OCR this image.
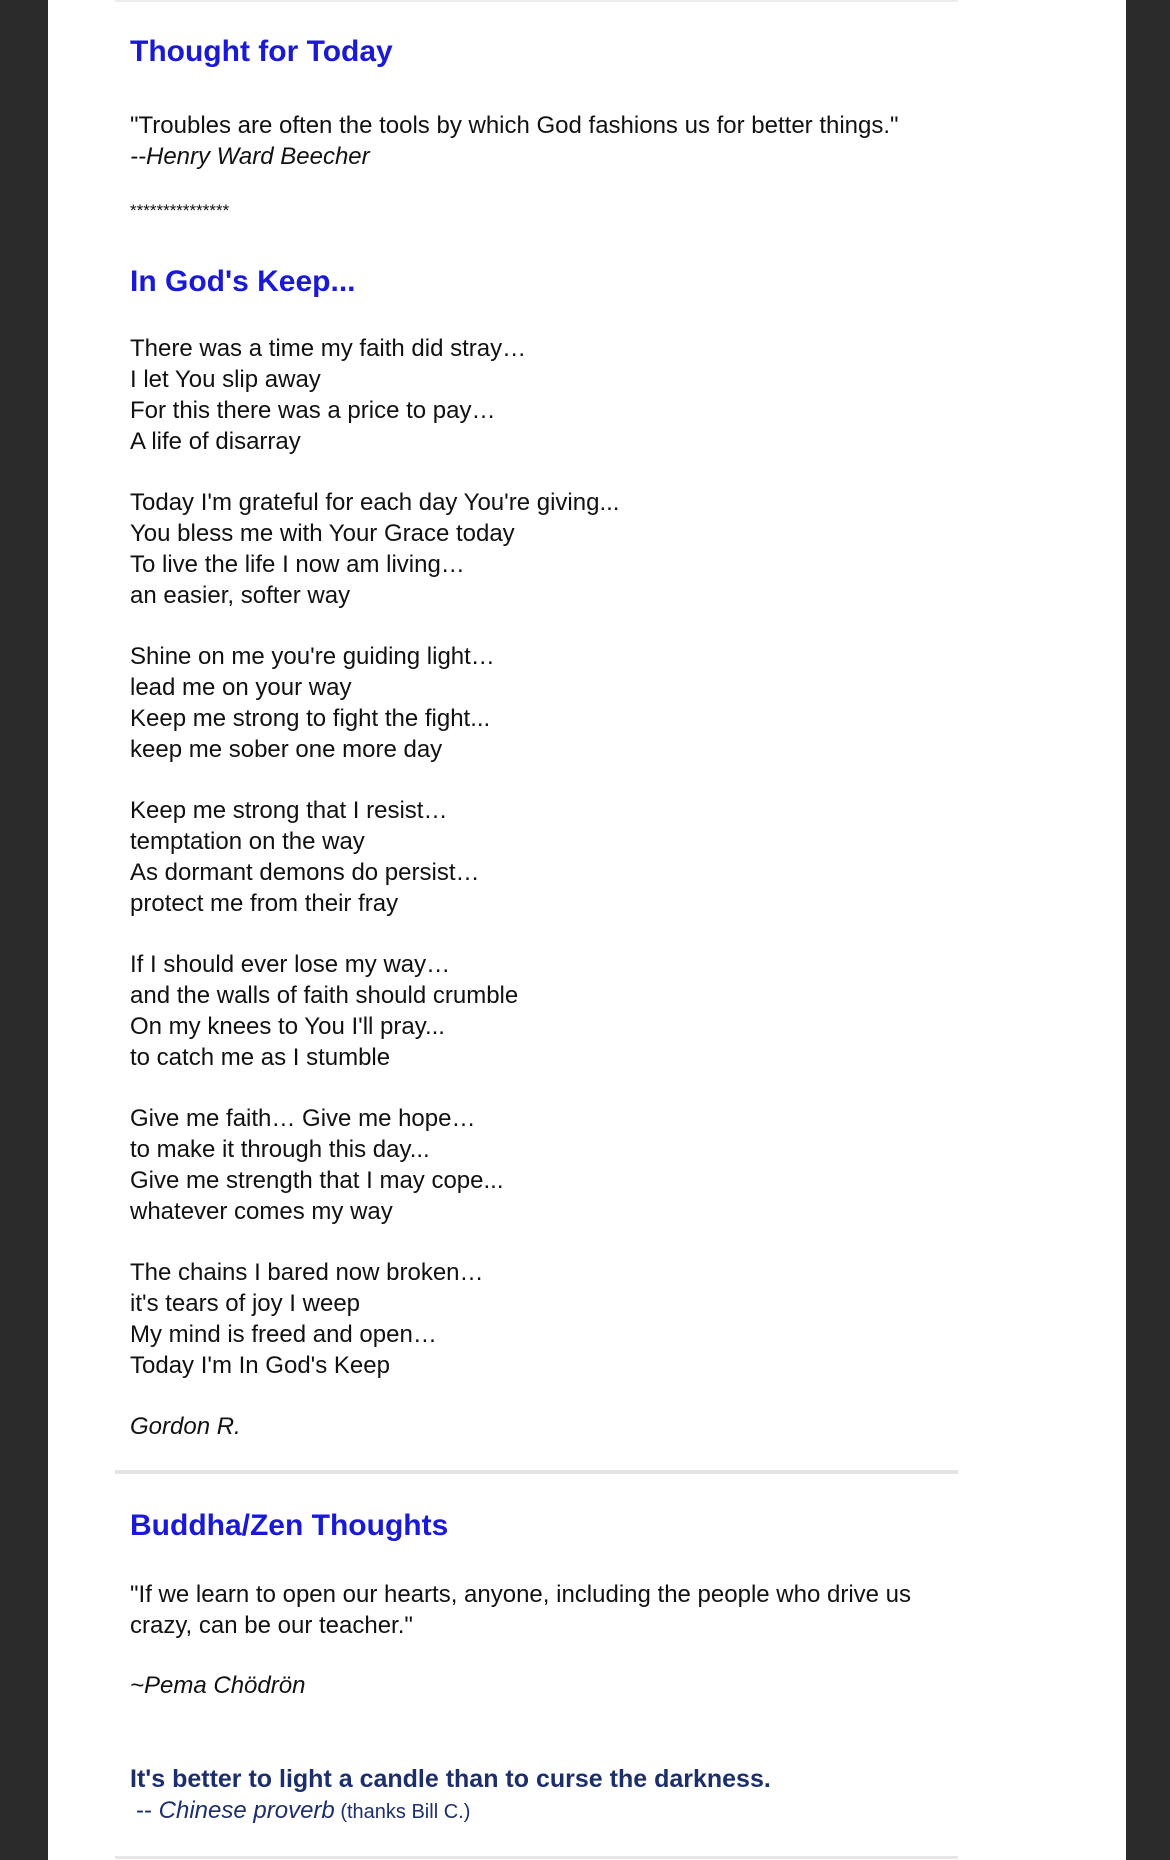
Thought for Today

"Troubles are often the tools by which God fashions us for better things."

--Henry Ward Beecher

***************

In God's Keep...
There was a time my faith did stray…
I let You slip away
For this there was a price to pay…
A life of disarray
Today I'm grateful for each day You're giving...
You bless me with Your Grace today
To live the life I now am living…
an easier, softer way
Shine on me you're guiding light…
lead me on your way
Keep me strong to fight the fight...
keep me sober one more day
Keep me strong that I resist…
temptation on the way
As dormant demons do persist…
protect me from their fray
If I should ever lose my way…
and the walls of faith should crumble
On my knees to You I'll pray...
to catch me as I stumble
Give me faith… Give me hope…
to make it through this day...
Give me strength that I may cope...
whatever comes my way
The chains I bared now broken…
it's tears of joy I weep
My mind is freed and open…
Today I'm In God's Keep

Gordon R.

Buddha/Zen Thoughts

"If we learn to open our hearts, anyone, including the people who drive us crazy, can be our teacher."

~Pema Chödrön

It's better to light a candle than to curse the darkness.

-- Chinese proverb (thanks Bill C.)
